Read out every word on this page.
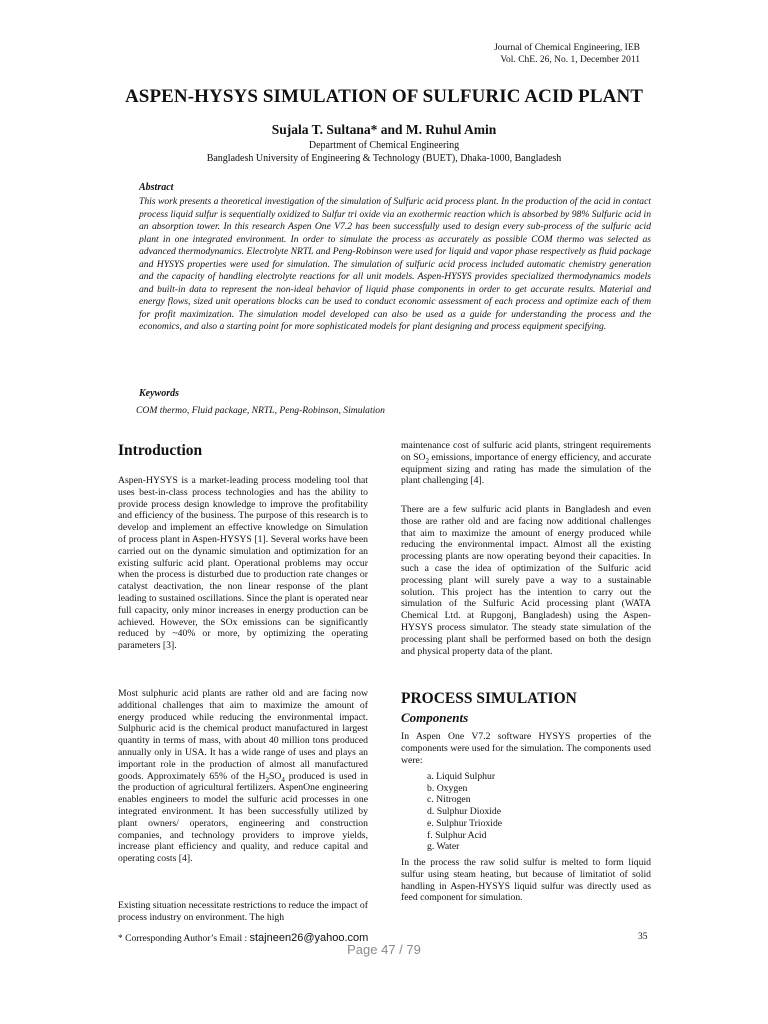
Journal of Chemical Engineering, IEB
Vol. ChE. 26, No. 1, December 2011
ASPEN-HYSYS SIMULATION OF SULFURIC ACID PLANT
Sujala T. Sultana* and M. Ruhul Amin
Department of Chemical Engineering
Bangladesh University of Engineering & Technology (BUET), Dhaka-1000, Bangladesh
Abstract

This work presents a theoretical investigation of the simulation of Sulfuric acid process plant. In the production of the acid in contact process liquid sulfur is sequentially oxidized to Sulfur tri oxide via an exothermic reaction which is absorbed by 98% Sulfuric acid in an absorption tower. In this research Aspen One V7.2 has been successfully used to design every sub-process of the sulfuric acid plant in one integrated environment. In order to simulate the process as accurately as possible COM thermo was selected as advanced thermodynamics. Electrolyte NRTL and Peng-Robinson were used for liquid and vapor phase respectively as fluid package and HYSYS properties were used for simulation. The simulation of sulfuric acid process included automatic chemistry generation and the capacity of handling electrolyte reactions for all unit models. Aspen-HYSYS provides specialized thermodynamics models and built-in data to represent the non-ideal behavior of liquid phase components in order to get accurate results. Material and energy flows, sized unit operations blocks can be used to conduct economic assessment of each process and optimize each of them for profit maximization. The simulation model developed can also be used as a guide for understanding the process and the economics, and also a starting point for more sophisticated models for plant designing and process equipment specifying.

Keywords
COM thermo, Fluid package, NRTL, Peng-Robinson, Simulation
Introduction

Aspen-HYSYS is a market-leading process modeling tool that uses best-in-class process technologies and has the ability to provide process design knowledge to improve the profitability and efficiency of the business. The purpose of this research is to develop and implement an effective knowledge on Simulation of process plant in Aspen-HYSYS [1]. Several works have been carried out on the dynamic simulation and optimization for an existing sulfuric acid plant. Operational problems may occur when the process is disturbed due to production rate changes or catalyst deactivation, the non linear response of the plant leading to sustained oscillations. Since the plant is operated near full capacity, only minor increases in energy production can be achieved. However, the SOx emissions can be significantly reduced by ~40% or more, by optimizing the operating parameters [3].

Most sulphuric acid plants are rather old and are facing now additional challenges that aim to maximize the amount of energy produced while reducing the environmental impact. Sulphuric acid is the chemical product manufactured in largest quantity in terms of mass, with about 40 million tons produced annually only in USA. It has a wide range of uses and plays an important role in the production of almost all manufactured goods. Approximately 65% of the $H_2SO_4$ produced is used in the production of agricultural fertilizers. AspenOne engineering enables engineers to model the sulfuric acid processes in one integrated environment. It has been successfully utilized by plant owners/ operators, engineering and construction companies, and technology providers to improve yields, increase plant efficiency and quality, and reduce capital and operating costs [4].

Existing situation necessitate restrictions to reduce the impact of process industry on environment. The high

maintenance cost of sulfuric acid plants, stringent requirements on $SO_2$ emissions, importance of energy efficiency, and accurate equipment sizing and rating has made the simulation of the plant challenging [4].

There are a few sulfuric acid plants in Bangladesh and even those are rather old and are facing now additional challenges that aim to maximize the amount of energy produced while reducing the environmental impact. Almost all the existing processing plants are now operating beyond their capacities. In such a case the idea of optimization of the Sulfuric acid processing plant will surely pave a way to a sustainable solution. This project has the intention to carry out the simulation of the Sulfuric Acid processing plant (WATA Chemical Ltd. at Rupgonj, Bangladesh) using the Aspen-HYSYS process simulator. The steady state simulation of the processing plant shall be performed based on both the design and physical property data of the plant.

PROCESS SIMULATION
Components

In Aspen One V7.2 software HYSYS properties of the components were used for the simulation. The components used were:

a. Liquid Sulphur
b. Oxygen
c. Nitrogen
d. Sulphur Dioxide
e. Sulphur Trioxide
f. Sulphur Acid
g. Water

In the process the raw solid sulfur is melted to form liquid sulfur using steam heating, but because of limitatiot of solid handling in Aspen-HYSYS liquid sulfur was directly used as feed component for simulation.

* Corresponding Author’s Email : stajneen26@yahoo.com	35
Page 47 / 79
